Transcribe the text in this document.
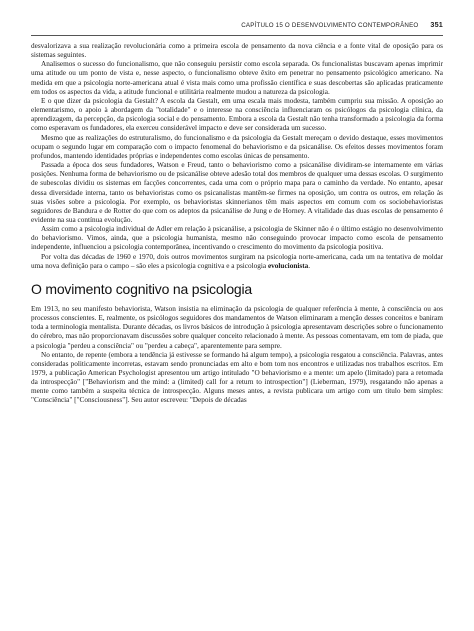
CAPÍTULO 15 O DESENVOLVIMENTO CONTEMPORÂNEO 351

desvalorizava a sua realização revolucionária como a primeira escola de pensamento da nova ciência e a fonte vital de oposição para os sistemas seguintes.

Analisemos o sucesso do funcionalismo, que não conseguiu persistir como escola separada. Os funcionalistas buscavam apenas imprimir uma atitude ou um ponto de vista e, nesse aspecto, o funcionalismo obteve êxito em penetrar no pensamento psicológico americano. Na medida em que a psicologia norte-americana atual é vista mais como uma profissão científica e suas descobertas são aplicadas praticamente em todos os aspectos da vida, a atitude funcional e utilitária realmente mudou a natureza da psicologia.

E o que dizer da psicologia da Gestalt? A escola da Gestalt, em uma escala mais modesta, também cumpriu sua missão. A oposição ao elementarismo, o apoio à abordagem da "totalidade" e o interesse na consciência influenciaram os psicólogos da psicologia clínica, da aprendizagem, da percepção, da psicologia social e do pensamento. Embora a escola da Gestalt não tenha transformado a psicologia da forma como esperavam os fundadores, ela exerceu considerável impacto e deve ser considerada um sucesso.

Mesmo que as realizações do estruturalismo, do funcionalismo e da psicologia da Gestalt mereçam o devido destaque, esses movimentos ocupam o segundo lugar em comparação com o impacto fenomenal do behaviorismo e da psicanálise. Os efeitos desses movimentos foram profundos, mantendo identidades próprias e independentes como escolas únicas de pensamento.

Passada a época dos seus fundadores, Watson e Freud, tanto o behaviorismo como a psicanálise dividiram-se internamente em várias posições. Nenhuma forma de behaviorismo ou de psicanálise obteve adesão total dos membros de qualquer uma dessas escolas. O surgimento de subescolas dividiu os sistemas em facções concorrentes, cada uma com o próprio mapa para o caminho da verdade. No entanto, apesar dessa diversidade interna, tanto os behavioristas como os psicanalistas mantêm-se firmes na oposição, um contra os outros, em relação às suas visões sobre a psicologia. Por exemplo, os behavioristas skinnerianos têm mais aspectos em comum com os sociobehavioristas seguidores de Bandura e de Rotter do que com os adeptos da psicanálise de Jung e de Horney. A vitalidade das duas escolas de pensamento é evidente na sua contínua evolução.

Assim como a psicologia individual de Adler em relação à psicanálise, a psicologia de Skinner não é o último estágio no desenvolvimento do behaviorismo. Vimos, ainda, que a psicologia humanista, mesmo não conseguindo provocar impacto como escola de pensamento independente, influenciou a psicologia contemporânea, incentivando o crescimento do movimento da psicologia positiva.

Por volta das décadas de 1960 e 1970, dois outros movimentos surgiram na psicologia norte-americana, cada um na tentativa de moldar uma nova definição para o campo – são eles a psicologia cognitiva e a psicologia evolucionista.

O movimento cognitivo na psicologia

Em 1913, no seu manifesto behaviorista, Watson insistia na eliminação da psicologia de qualquer referência à mente, à consciência ou aos processos conscientes. E, realmente, os psicólogos seguidores dos mandamentos de Watson eliminaram a menção desses conceitos e baniram toda a terminologia mentalista. Durante décadas, os livros básicos de introdução à psicologia apresentavam descrições sobre o funcionamento do cérebro, mas não proporcionavam discussões sobre qualquer conceito relacionado à mente. As pessoas comentavam, em tom de piada, que a psicologia "perdeu a consciência" ou "perdeu a cabeça", aparentemente para sempre.

No entanto, de repente (embora a tendência já estivesse se formando há algum tempo), a psicologia resgatou a consciência. Palavras, antes consideradas politicamente incorretas, estavam sendo pronunciadas em alto e bom tom nos encontros e utilizadas nos trabalhos escritos. Em 1979, a publicação American Psychologist apresentou um artigo intitulado "O behaviorismo e a mente: um apelo (limitado) para a retomada da introspecção" ["Behaviorism and the mind: a (limited) call for a return to introspection"] (Lieberman, 1979), resgatando não apenas a mente como também a suspeita técnica de introspecção. Alguns meses antes, a revista publicara um artigo com um título bem simples: "Consciência" ["Consciousness"]. Seu autor escreveu: "Depois de décadas
